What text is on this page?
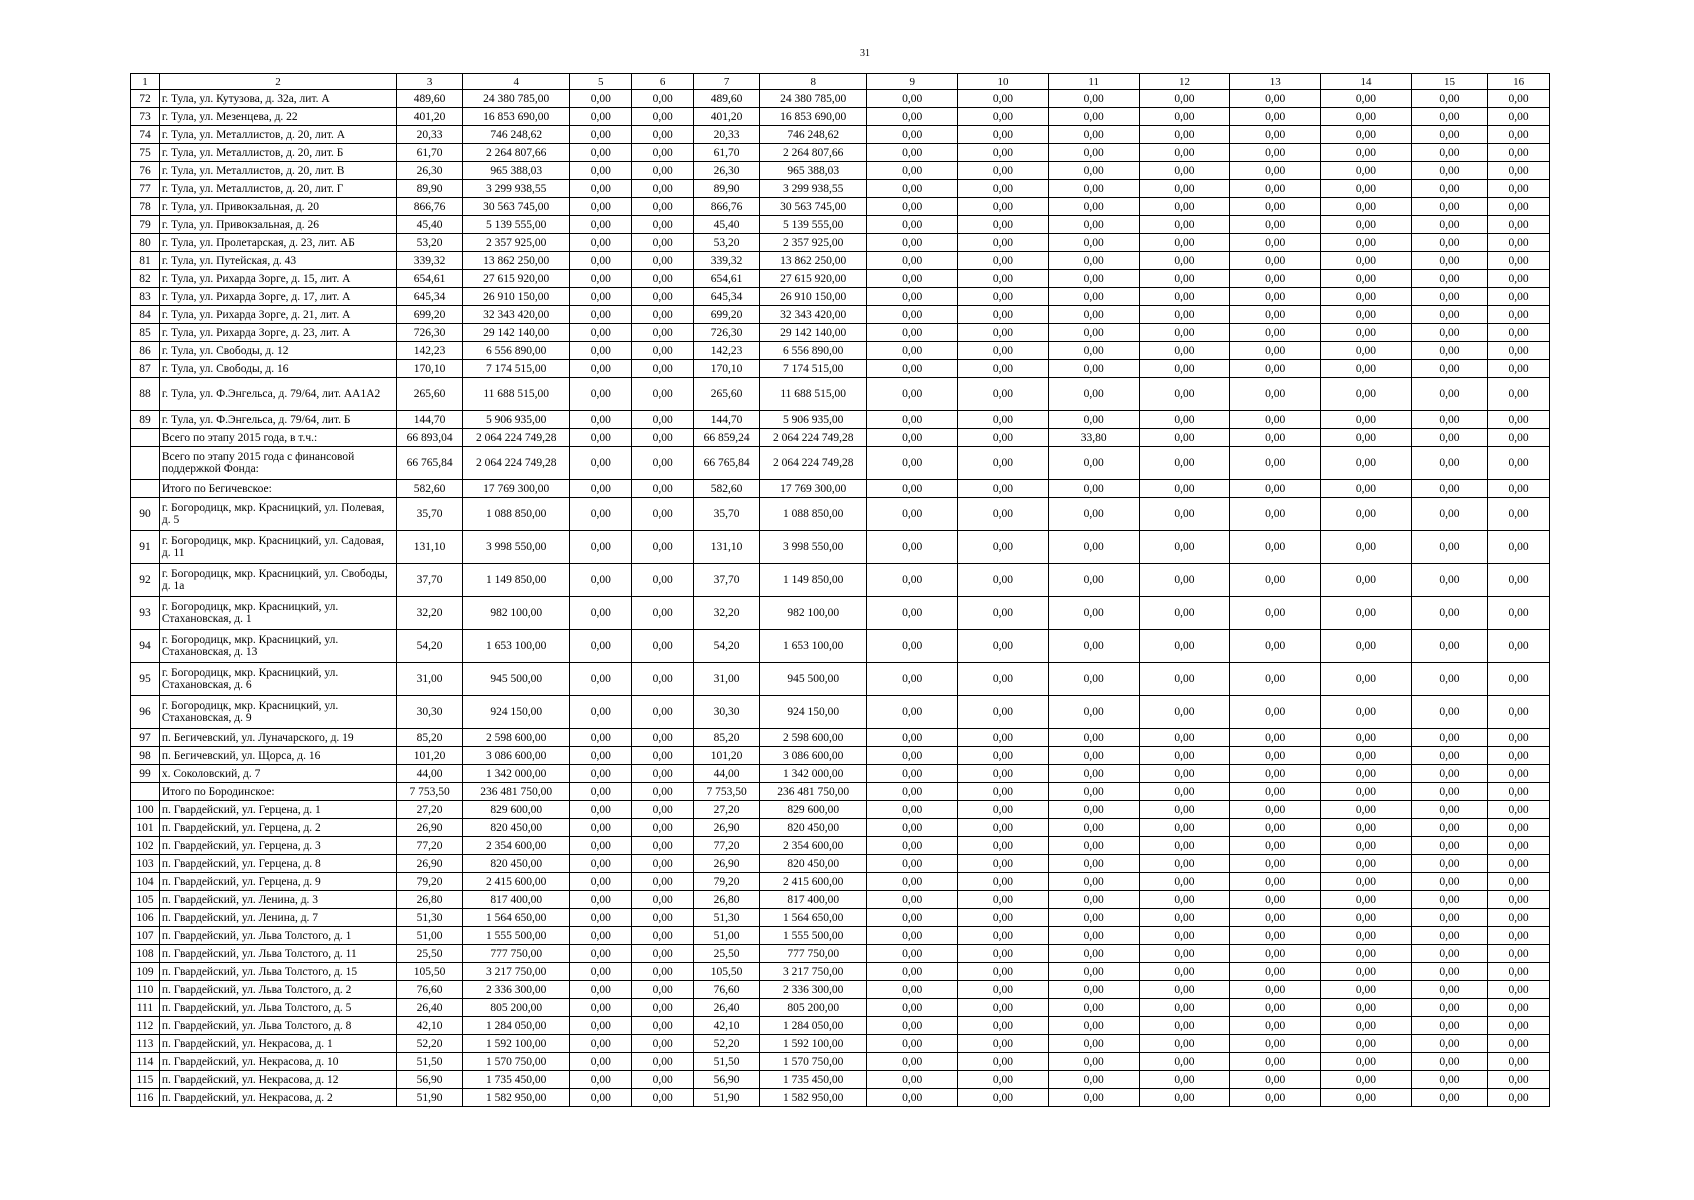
31
1	2	3	4	5	6	7	8	9	10	11	12	13	14	15	16
72	г. Тула, ул. Кутузова, д. 32а, лит. А	489,60	24 380 785,00	0,00	0,00	489,60	24 380 785,00	0,00	0,00	0,00	0,00	0,00	0,00	0,00	0,00
73	г. Тула, ул. Мезенцева, д. 22	401,20	16 853 690,00	0,00	0,00	401,20	16 853 690,00	0,00	0,00	0,00	0,00	0,00	0,00	0,00	0,00
74	г. Тула, ул. Металлистов, д. 20, лит. А	20,33	746 248,62	0,00	0,00	20,33	746 248,62	0,00	0,00	0,00	0,00	0,00	0,00	0,00	0,00
75	г. Тула, ул. Металлистов, д. 20, лит. Б	61,70	2 264 807,66	0,00	0,00	61,70	2 264 807,66	0,00	0,00	0,00	0,00	0,00	0,00	0,00	0,00
76	г. Тула, ул. Металлистов, д. 20, лит. В	26,30	965 388,03	0,00	0,00	26,30	965 388,03	0,00	0,00	0,00	0,00	0,00	0,00	0,00	0,00
77	г. Тула, ул. Металлистов, д. 20, лит. Г	89,90	3 299 938,55	0,00	0,00	89,90	3 299 938,55	0,00	0,00	0,00	0,00	0,00	0,00	0,00	0,00
78	г. Тула, ул. Привокзальная, д. 20	866,76	30 563 745,00	0,00	0,00	866,76	30 563 745,00	0,00	0,00	0,00	0,00	0,00	0,00	0,00	0,00
79	г. Тула, ул. Привокзальная, д. 26	45,40	5 139 555,00	0,00	0,00	45,40	5 139 555,00	0,00	0,00	0,00	0,00	0,00	0,00	0,00	0,00
80	г. Тула, ул. Пролетарская, д. 23, лит. АБ	53,20	2 357 925,00	0,00	0,00	53,20	2 357 925,00	0,00	0,00	0,00	0,00	0,00	0,00	0,00	0,00
81	г. Тула, ул. Путейская, д. 43	339,32	13 862 250,00	0,00	0,00	339,32	13 862 250,00	0,00	0,00	0,00	0,00	0,00	0,00	0,00	0,00
82	г. Тула, ул. Рихарда Зорге, д. 15, лит. А	654,61	27 615 920,00	0,00	0,00	654,61	27 615 920,00	0,00	0,00	0,00	0,00	0,00	0,00	0,00	0,00
83	г. Тула, ул. Рихарда Зорге, д. 17, лит. А	645,34	26 910 150,00	0,00	0,00	645,34	26 910 150,00	0,00	0,00	0,00	0,00	0,00	0,00	0,00	0,00
84	г. Тула, ул. Рихарда Зорге, д. 21, лит. А	699,20	32 343 420,00	0,00	0,00	699,20	32 343 420,00	0,00	0,00	0,00	0,00	0,00	0,00	0,00	0,00
85	г. Тула, ул. Рихарда Зорге, д. 23, лит. А	726,30	29 142 140,00	0,00	0,00	726,30	29 142 140,00	0,00	0,00	0,00	0,00	0,00	0,00	0,00	0,00
86	г. Тула, ул. Свободы, д. 12	142,23	6 556 890,00	0,00	0,00	142,23	6 556 890,00	0,00	0,00	0,00	0,00	0,00	0,00	0,00	0,00
87	г. Тула, ул. Свободы, д. 16	170,10	7 174 515,00	0,00	0,00	170,10	7 174 515,00	0,00	0,00	0,00	0,00	0,00	0,00	0,00	0,00
88	г. Тула, ул. Ф.Энгельса, д. 79/64, лит. АА1А2	265,60	11 688 515,00	0,00	0,00	265,60	11 688 515,00	0,00	0,00	0,00	0,00	0,00	0,00	0,00	0,00
89	г. Тула, ул. Ф.Энгельса, д. 79/64, лит. Б	144,70	5 906 935,00	0,00	0,00	144,70	5 906 935,00	0,00	0,00	0,00	0,00	0,00	0,00	0,00	0,00
	Всего по этапу 2015 года, в т.ч.:	66 893,04	2 064 224 749,28	0,00	0,00	66 859,24	2 064 224 749,28	0,00	0,00	33,80	0,00	0,00	0,00	0,00	0,00
	Всего по этапу 2015 года с финансовой поддержкой Фонда:	66 765,84	2 064 224 749,28	0,00	0,00	66 765,84	2 064 224 749,28	0,00	0,00	0,00	0,00	0,00	0,00	0,00	0,00
	Итого по Бегичевское:	582,60	17 769 300,00	0,00	0,00	582,60	17 769 300,00	0,00	0,00	0,00	0,00	0,00	0,00	0,00	0,00
90	г. Богородицк, мкр. Красницкий, ул. Полевая, д. 5	35,70	1 088 850,00	0,00	0,00	35,70	1 088 850,00	0,00	0,00	0,00	0,00	0,00	0,00	0,00	0,00
91	г. Богородицк, мкр. Красницкий, ул. Садовая, д. 11	131,10	3 998 550,00	0,00	0,00	131,10	3 998 550,00	0,00	0,00	0,00	0,00	0,00	0,00	0,00	0,00
92	г. Богородицк, мкр. Красницкий, ул. Свободы, д. 1а	37,70	1 149 850,00	0,00	0,00	37,70	1 149 850,00	0,00	0,00	0,00	0,00	0,00	0,00	0,00	0,00
93	г. Богородицк, мкр. Красницкий, ул. Стахановская, д. 1	32,20	982 100,00	0,00	0,00	32,20	982 100,00	0,00	0,00	0,00	0,00	0,00	0,00	0,00	0,00
94	г. Богородицк, мкр. Красницкий, ул. Стахановская, д. 13	54,20	1 653 100,00	0,00	0,00	54,20	1 653 100,00	0,00	0,00	0,00	0,00	0,00	0,00	0,00	0,00
95	г. Богородицк, мкр. Красницкий, ул. Стахановская, д. 6	31,00	945 500,00	0,00	0,00	31,00	945 500,00	0,00	0,00	0,00	0,00	0,00	0,00	0,00	0,00
96	г. Богородицк, мкр. Красницкий, ул. Стахановская, д. 9	30,30	924 150,00	0,00	0,00	30,30	924 150,00	0,00	0,00	0,00	0,00	0,00	0,00	0,00	0,00
97	п. Бегичевский, ул. Луначарского, д. 19	85,20	2 598 600,00	0,00	0,00	85,20	2 598 600,00	0,00	0,00	0,00	0,00	0,00	0,00	0,00	0,00
98	п. Бегичевский, ул. Щорса, д. 16	101,20	3 086 600,00	0,00	0,00	101,20	3 086 600,00	0,00	0,00	0,00	0,00	0,00	0,00	0,00	0,00
99	х. Соколовский, д. 7	44,00	1 342 000,00	0,00	0,00	44,00	1 342 000,00	0,00	0,00	0,00	0,00	0,00	0,00	0,00	0,00
	Итого по Бородинское:	7 753,50	236 481 750,00	0,00	0,00	7 753,50	236 481 750,00	0,00	0,00	0,00	0,00	0,00	0,00	0,00	0,00
100	п. Гвардейский, ул. Герцена, д. 1	27,20	829 600,00	0,00	0,00	27,20	829 600,00	0,00	0,00	0,00	0,00	0,00	0,00	0,00	0,00
101	п. Гвардейский, ул. Герцена, д. 2	26,90	820 450,00	0,00	0,00	26,90	820 450,00	0,00	0,00	0,00	0,00	0,00	0,00	0,00	0,00
102	п. Гвардейский, ул. Герцена, д. 3	77,20	2 354 600,00	0,00	0,00	77,20	2 354 600,00	0,00	0,00	0,00	0,00	0,00	0,00	0,00	0,00
103	п. Гвардейский, ул. Герцена, д. 8	26,90	820 450,00	0,00	0,00	26,90	820 450,00	0,00	0,00	0,00	0,00	0,00	0,00	0,00	0,00
104	п. Гвардейский, ул. Герцена, д. 9	79,20	2 415 600,00	0,00	0,00	79,20	2 415 600,00	0,00	0,00	0,00	0,00	0,00	0,00	0,00	0,00
105	п. Гвардейский, ул. Ленина, д. 3	26,80	817 400,00	0,00	0,00	26,80	817 400,00	0,00	0,00	0,00	0,00	0,00	0,00	0,00	0,00
106	п. Гвардейский, ул. Ленина, д. 7	51,30	1 564 650,00	0,00	0,00	51,30	1 564 650,00	0,00	0,00	0,00	0,00	0,00	0,00	0,00	0,00
107	п. Гвардейский, ул. Льва Толстого, д. 1	51,00	1 555 500,00	0,00	0,00	51,00	1 555 500,00	0,00	0,00	0,00	0,00	0,00	0,00	0,00	0,00
108	п. Гвардейский, ул. Льва Толстого, д. 11	25,50	777 750,00	0,00	0,00	25,50	777 750,00	0,00	0,00	0,00	0,00	0,00	0,00	0,00	0,00
109	п. Гвардейский, ул. Льва Толстого, д. 15	105,50	3 217 750,00	0,00	0,00	105,50	3 217 750,00	0,00	0,00	0,00	0,00	0,00	0,00	0,00	0,00
110	п. Гвардейский, ул. Льва Толстого, д. 2	76,60	2 336 300,00	0,00	0,00	76,60	2 336 300,00	0,00	0,00	0,00	0,00	0,00	0,00	0,00	0,00
111	п. Гвардейский, ул. Льва Толстого, д. 5	26,40	805 200,00	0,00	0,00	26,40	805 200,00	0,00	0,00	0,00	0,00	0,00	0,00	0,00	0,00
112	п. Гвардейский, ул. Льва Толстого, д. 8	42,10	1 284 050,00	0,00	0,00	42,10	1 284 050,00	0,00	0,00	0,00	0,00	0,00	0,00	0,00	0,00
113	п. Гвардейский, ул. Некрасова, д. 1	52,20	1 592 100,00	0,00	0,00	52,20	1 592 100,00	0,00	0,00	0,00	0,00	0,00	0,00	0,00	0,00
114	п. Гвардейский, ул. Некрасова, д. 10	51,50	1 570 750,00	0,00	0,00	51,50	1 570 750,00	0,00	0,00	0,00	0,00	0,00	0,00	0,00	0,00
115	п. Гвардейский, ул. Некрасова, д. 12	56,90	1 735 450,00	0,00	0,00	56,90	1 735 450,00	0,00	0,00	0,00	0,00	0,00	0,00	0,00	0,00
116	п. Гвардейский, ул. Некрасова, д. 2	51,90	1 582 950,00	0,00	0,00	51,90	1 582 950,00	0,00	0,00	0,00	0,00	0,00	0,00	0,00	0,00
